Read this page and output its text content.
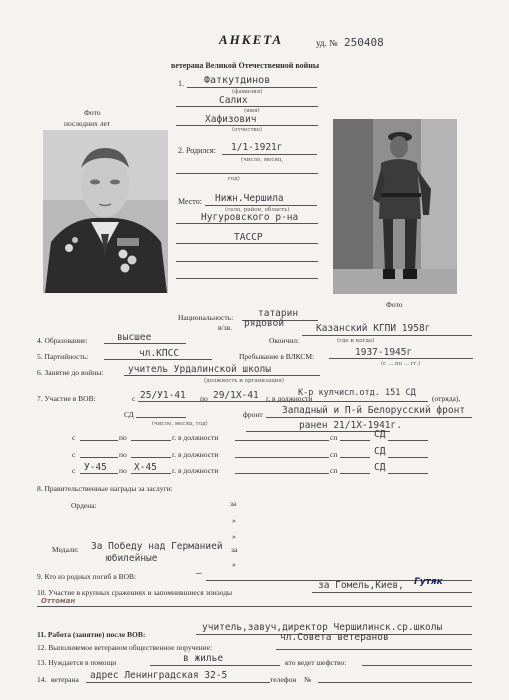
АНКЕТА	уд. № 250408
ветерана Великой Отечественной войны
Фото
последних лет
Фото
1. Фаткутдинов
(фамилия)
Салих
(имя)
Хафизович
(отчество)
2. Родился: 1/1-1921г
(число, месяц,
год)
Место: Нижн.Чершила
(село, район, область)
Нугуровского р-на
ТАССР
Национальность:	татарин
в/зв. рядовой
4. Образование:	высшее	Окончил:
Казанский КГПИ 1958г
(где и когда)
5. Партийность:	чл.КПСС	Пребывание в ВЛКСМ:	1937-1945г
(с ... по ... гг.)
6. Занятие до войны:	учитель Урдалинской школы
(должность и организация)
7. Участие в ВОВ:	с 25/У1-41 по 29/1Х-41 г. в должности
К-р кулчисл.отд. 151 СД
(отряда),
СД	фронт Западный и П-й Белорусский фронт
(число, месяц, год)	ранен 21/1Х-1941г.
с	по	г. в должности	сп	СД
с	по	г. в должности	сп	СД
с У-45 по Х-45 г. в должности	сп	СД
8. Правительственные награды за заслуги:
Ордена:	за
»
»
Медали: За Победу над Германией за
юбилейные
»
9. Кто из родных погиб в ВОВ:	–
10. Участие в крупных сражениях и запомнившиеся эпизоды
за Гомель,Киев, Гутяк
Оттоман
11. Работа (занятие) после ВОВ:
учитель,завуч,директор Чершилинск.ср.школы
12. Выполняемое ветераном общественное поручение:
чл.Совета ветеранов
13. Нуждается в помощи	в жилье	кто ведет шефство:
14. ветерана адрес Ленинградская 32-5	телефон №
